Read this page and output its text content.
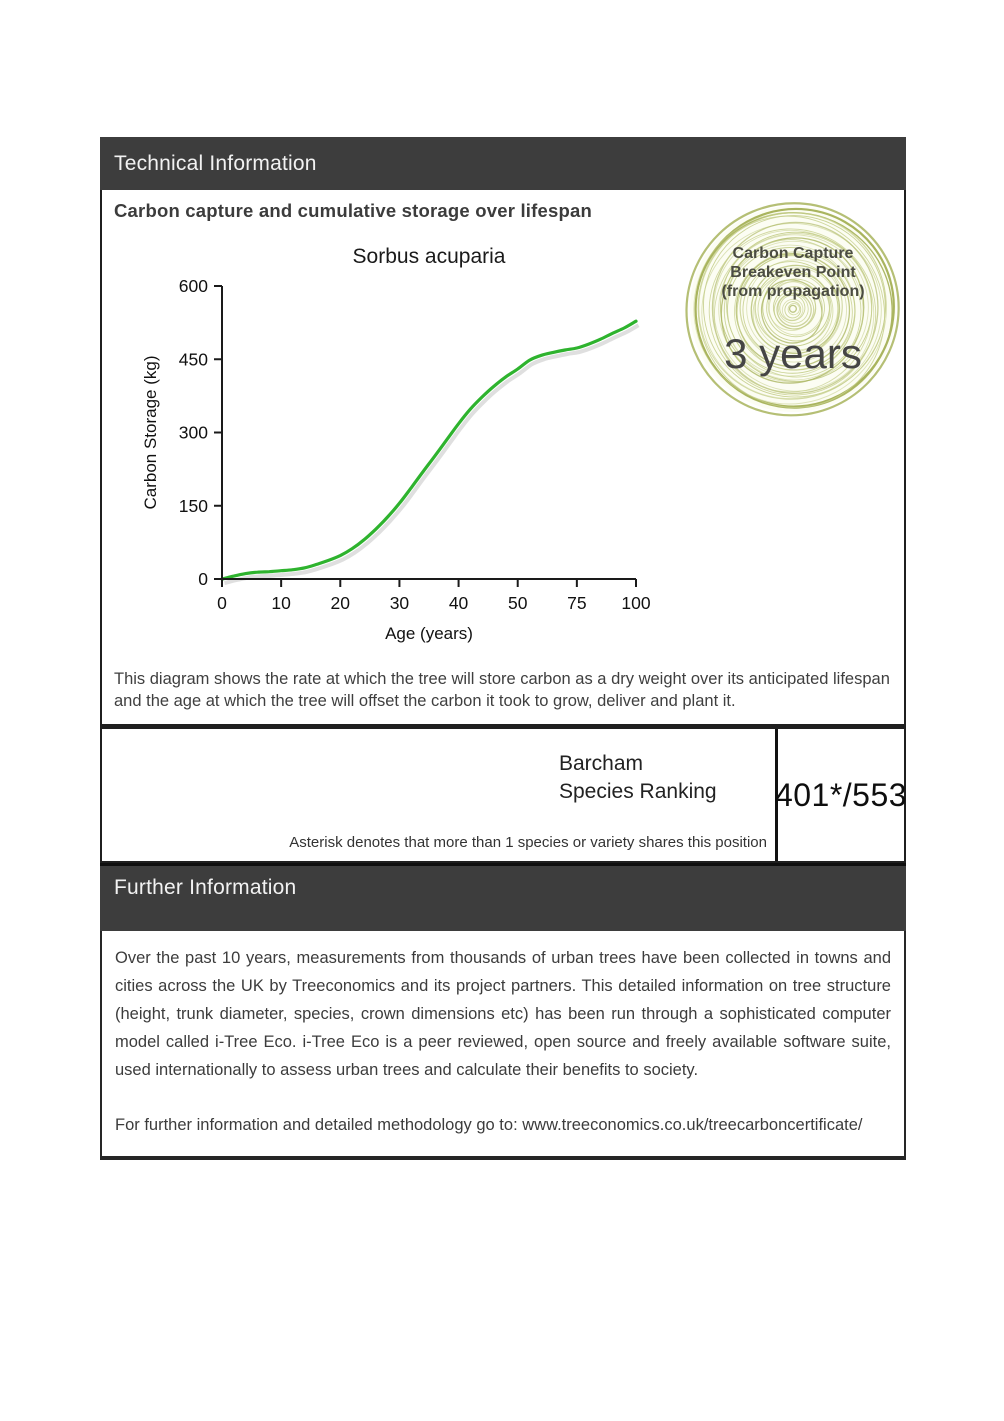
Technical Information
Carbon capture and cumulative storage over lifespan
Sorbus acuparia
0
150
300
450
600
0	10 20 30 40 50 75 100
Age (years)
Carbon Storage (kg)
Carbon Capture
Breakeven Point
(from propagation)
3 years

This diagram shows the rate at which the tree will store carbon as a dry weight over its anticipated lifespan and the age at which the tree will offset the carbon it took to grow, deliver and plant it.

Barcham
Species Ranking
Asterisk denotes that more than 1 species or variety shares this position
401*/553
Further Information

Over the past 10 years, measurements from thousands of urban trees have been collected in towns and cities across the UK by Treeconomics and its project partners. This detailed information on tree structure (height, trunk diameter, species, crown dimensions etc) has been run through a sophisticated computer model called i-Tree Eco. i-Tree Eco is a peer reviewed, open source and freely available software suite, used internationally to assess urban trees and calculate their benefits to society.

For further information and detailed methodology go to: www.treeconomics.co.uk/treecarboncertificate/
